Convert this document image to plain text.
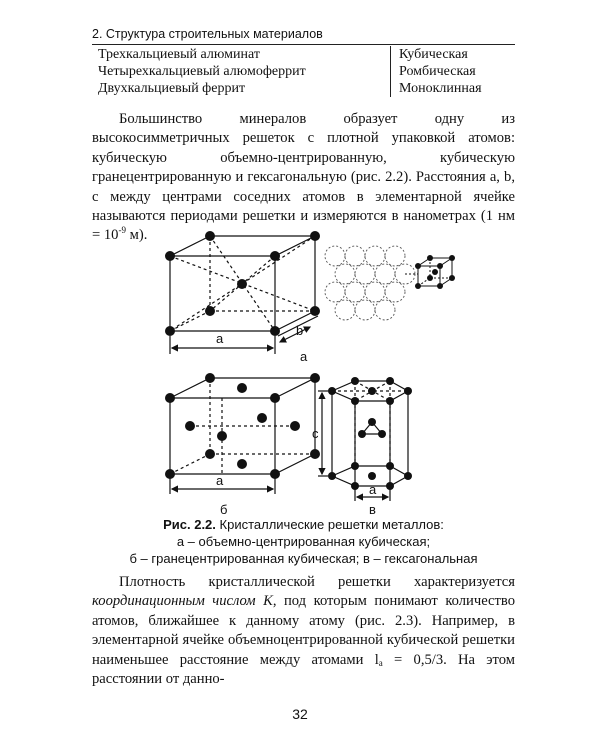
2. Структура строительных материалов
Трехкальциевый алюминат	Кубическая
Четырехкальциевый алюмоферрит	Ромбическая
Двухкальциевый феррит	Моноклинная

Большинство минералов образует одну из высокосимметричных решеток с плотной упаковкой атомов: кубическую объемно-центрированную, кубическую гранецентрированную и гексагональную (рис. 2.2). Расстояния a, b, c между центрами соседних атомов в элементарной ячейке называются периодами решетки и измеряются в нанометрах (1 нм = $10^{-9}$ м).

a
b
а
a
б
c
a
в
Рис. 2.2. Кристаллические решетки металлов:
а – объемно-центрированная кубическая;
б – гранецентрированная кубическая; в – гексагональная

Плотность кристаллической решетки характеризуется координационным числом К, под которым понимают количество атомов, ближайшее к данному атому (рис. 2.3). Например, в элементарной ячейке объемноцентрированной кубической решетки наименьшее расстояние между атомами $l_a = 0,5/3$. На этом расстоянии от данно-

32
